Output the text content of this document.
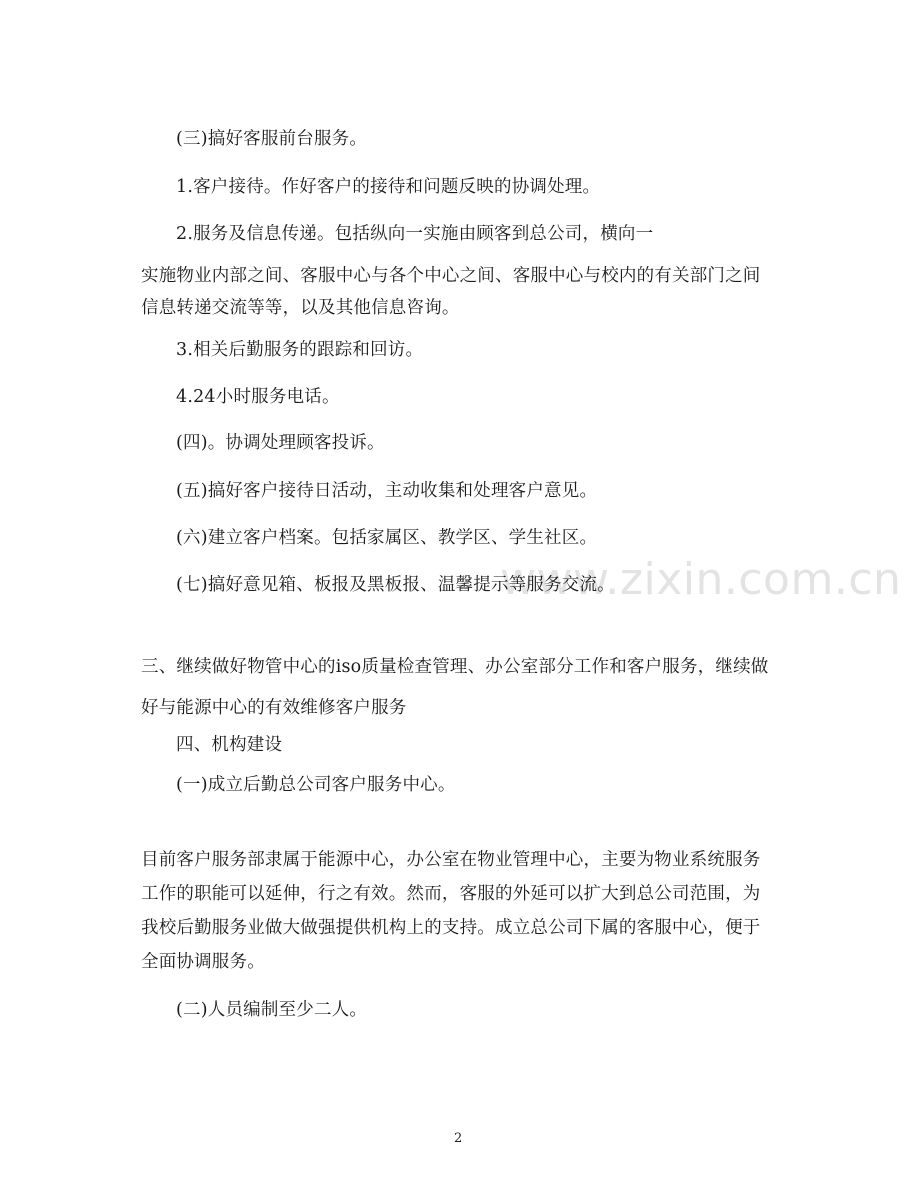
www.zixin.com.cn
(三)搞好客服前台服务。
1.客户接待。作好客户的接待和问题反映的协调处理。
2.服务及信息传递。包括纵向一实施由顾客到总公司，横向一
实施物业内部之间、客服中心与各个中心之间、客服中心与校内的有关部门之间
信息转递交流等等，以及其他信息咨询。
3.相关后勤服务的跟踪和回访。
4.24小时服务电话。
(四)。协调处理顾客投诉。
(五)搞好客户接待日活动，主动收集和处理客户意见。
(六)建立客户档案。包括家属区、教学区、学生社区。
(七)搞好意见箱、板报及黑板报、温馨提示等服务交流。
三、继续做好物管中心的iso质量检查管理、办公室部分工作和客户服务，继续做
好与能源中心的有效维修客户服务
四、机构建设
(一)成立后勤总公司客户服务中心。
目前客户服务部隶属于能源中心，办公室在物业管理中心，主要为物业系统服务
工作的职能可以延伸，行之有效。然而，客服的外延可以扩大到总公司范围，为
我校后勤服务业做大做强提供机构上的支持。成立总公司下属的客服中心，便于
全面协调服务。
(二)人员编制至少二人。
2
